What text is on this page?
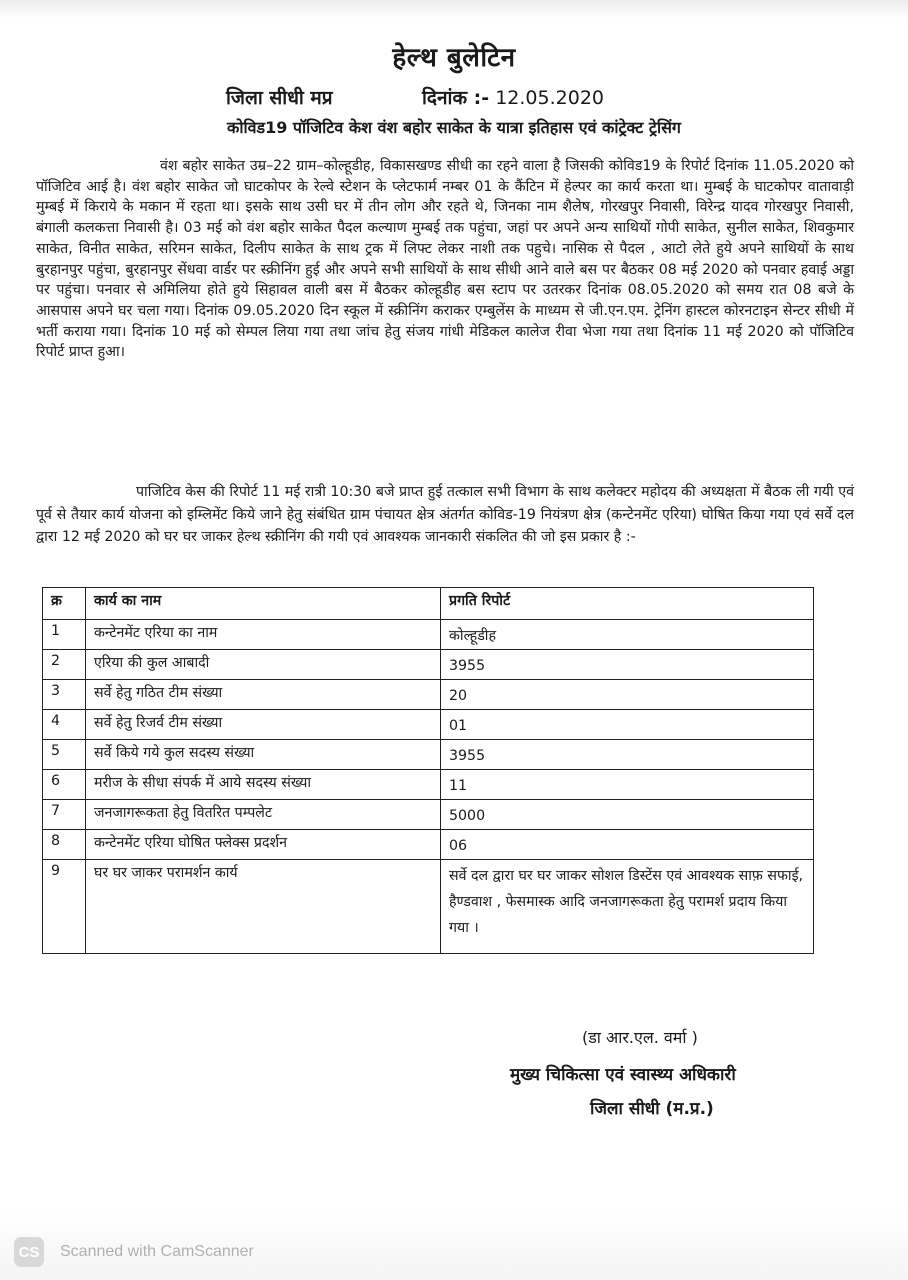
हेल्थ बुलेटिन
जिला सीधी मप्र	दिनांक :- 12.05.2020
कोविड19 पॉजिटिव केश वंश बहोर साकेत के यात्रा इतिहास एवं कांट्रेक्ट ट्रेसिंग
वंश बहोर साकेत उम्र–22 ग्राम–कोल्हूडीह, विकासखण्ड सीधी का रहने वाला है जिसकी कोविड19 के रिपोर्ट दिनांक 11.05.2020 को पॉजिटिव आई है। वंश बहोर साकेत जो घाटकोपर के रेल्वे स्टेशन के प्लेटफार्म नम्बर 01 के कैंटिन में हेल्पर का कार्य करता था। मुम्बई के घाटकोपर वातावाड़ी मुम्बई में किराये के मकान में रहता था। इसके साथ उसी घर में तीन लोग और रहते थे, जिनका नाम शैलेष, गोरखपुर निवासी, विरेन्द्र यादव गोरखपुर निवासी, बंगाली कलकत्ता निवासी है। 03 मई को वंश बहोर साकेत पैदल कल्याण मुम्बई तक पहुंचा, जहां पर अपने अन्य साथियों गोपी साकेत, सुनील साकेत, शिवकुमार साकेत, विनीत साकेत, सरिमन साकेत, दिलीप साकेत के साथ ट्रक में लिफ्ट लेकर नाशी तक पहुचे। नासिक से पैदल , आटो लेते हुये अपने साथियों के साथ बुरहानपुर पहुंचा, बुरहानपुर सेंधवा वार्डर पर स्क्रीनिंग हुई और अपने सभी साथियों के साथ सीधी आने वाले बस पर बैठकर 08 मई 2020 को पनवार हवाई अड्डा पर पहुंचा। पनवार से अमिलिया होते हुये सिहावल वाली बस में बैठकर कोल्हूडीह बस स्टाप पर उतरकर दिनांक 08.05.2020 को समय रात 08 बजे के आसपास अपने घर चला गया। दिनांक 09.05.2020 दिन स्कूल में स्क्रीनिंग कराकर एम्बुलेंस के माध्यम से जी.एन.एम. ट्रेनिंग हास्टल कोरनटाइन सेन्टर सीधी में भर्ती कराया गया। दिनांक 10 मई को सेम्पल लिया गया तथा जांच हेतु संजय गांधी मेडिकल कालेज रीवा भेजा गया तथा दिनांक 11 मई 2020 को पॉजिटिव रिपोर्ट प्राप्त हुआ।
पाजिटिव केस की रिपोर्ट 11 मई रात्री 10:30 बजे प्राप्त हुई तत्काल सभी विभाग के साथ कलेक्टर महोदय की अध्यक्षता में बैठक ली गयी एवं पूर्व से तैयार कार्य योजना को इम्लिमेंट किये जाने हेतु संबंधित ग्राम पंचायत क्षेत्र अंतर्गत कोविड-19 नियंत्रण क्षेत्र (कन्टेनमेंट एरिया) घोषित किया गया एवं सर्वे दल द्वारा 12 मई 2020 को घर घर जाकर हेल्थ स्क्रीनिंग की गयी एवं आवश्यक जानकारी संकलित की जो इस प्रकार है :-
क्र	कार्य का नाम	प्रगति रिपोर्ट
1	कन्टेनमेंट एरिया का नाम	कोल्हूडीह
2	एरिया की कुल आबादी	3955
3	सर्वे हेतु गठित टीम संख्या	20
4	सर्वे हेतु रिजर्व टीम संख्या	01
5	सर्वे किये गये कुल सदस्य संख्या	3955
6	मरीज के सीधा संपर्क में आये सदस्य संख्या	11
7	जनजागरूकता हेतु वितरित पम्पलेट	5000
8	कन्टेनमेंट एरिया घोषित फ्लेक्स प्रदर्शन	06
9	घर घर जाकर परामर्शन कार्य	सर्वे दल द्वारा घर घर जाकर सोशल डिस्टेंस एवं आवश्यक साफ़ सफाई, हैण्डवाश , फेसमास्क आदि जनजागरूकता हेतु परामर्श प्रदाय किया गया ।
(डा आर.एल. वर्मा )
मुख्य चिकित्सा एवं स्वास्थ्य अधिकारी
जिला सीधी (म.प्र.)
CS Scanned with CamScanner
